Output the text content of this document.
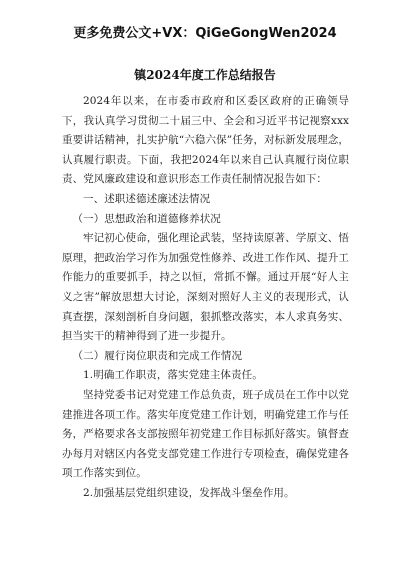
更多免费公文+VX：QiGeGongWen2024
镇2024年度工作总结报告

2024年以来，在市委市政府和区委区政府的正确领导下，我认真学习贯彻二十届三中、全会和习近平书记视察xxx重要讲话精神，扎实护航“六稳六保”任务，对标新发展理念，认真履行职责。下面，我把2024年以来自己认真履行岗位职责、党风廉政建设和意识形态工作责任制情况报告如下：

一、述职述德述廉述法情况

（一）思想政治和道德修养状况

牢记初心使命，强化理论武装，坚持读原著、学原文、悟原理，把政治学习作为加强党性修养、改进工作作风、提升工作能力的重要抓手，持之以恒，常抓不懈。通过开展“好人主义之害”解放思想大讨论，深刻对照好人主义的表现形式，认真查摆，深刻剖析自身问题，狠抓整改落实，本人求真务实、担当实干的精神得到了进一步提升。

（二）履行岗位职责和完成工作情况

1.明确工作职责，落实党建主体责任。

坚持党委书记对党建工作总负责，班子成员在工作中以党建推进各项工作。落实年度党建工作计划，明确党建工作与任务，严格要求各支部按照年初党建工作目标抓好落实。镇督查办每月对辖区内各党支部党建工作进行专项检查，确保党建各项工作落实到位。

2.加强基层党组织建设，发挥战斗堡垒作用。
